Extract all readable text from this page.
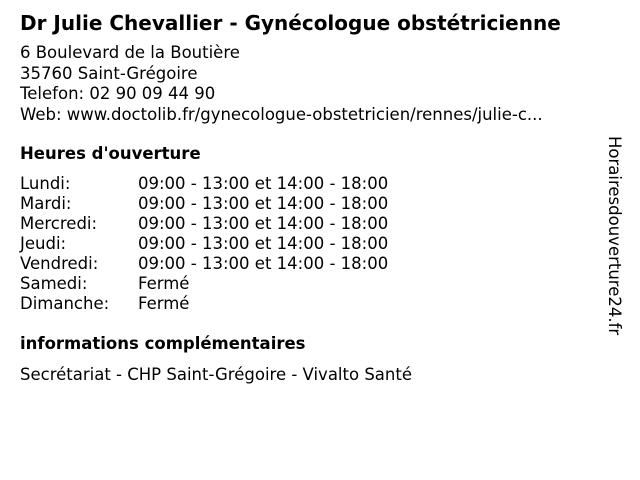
Dr Julie Chevallier - Gynécologue obstétricienne
6 Boulevard de la Boutière
35760 Saint-Grégoire
Telefon: 02 90 09 44 90
Web: www.doctolib.fr/gynecologue-obstetricien/rennes/julie-c...
Heures d'ouverture
Lundi:	09:00 - 13:00 et 14:00 - 18:00
Mardi:	09:00 - 13:00 et 14:00 - 18:00
Mercredi:	09:00 - 13:00 et 14:00 - 18:00
Jeudi:	09:00 - 13:00 et 14:00 - 18:00
Vendredi:	09:00 - 13:00 et 14:00 - 18:00
Samedi:	Fermé
Dimanche:	Fermé
informations complémentaires
Secrétariat - CHP Saint-Grégoire - Vivalto Santé
Horairesdouverture24.fr
